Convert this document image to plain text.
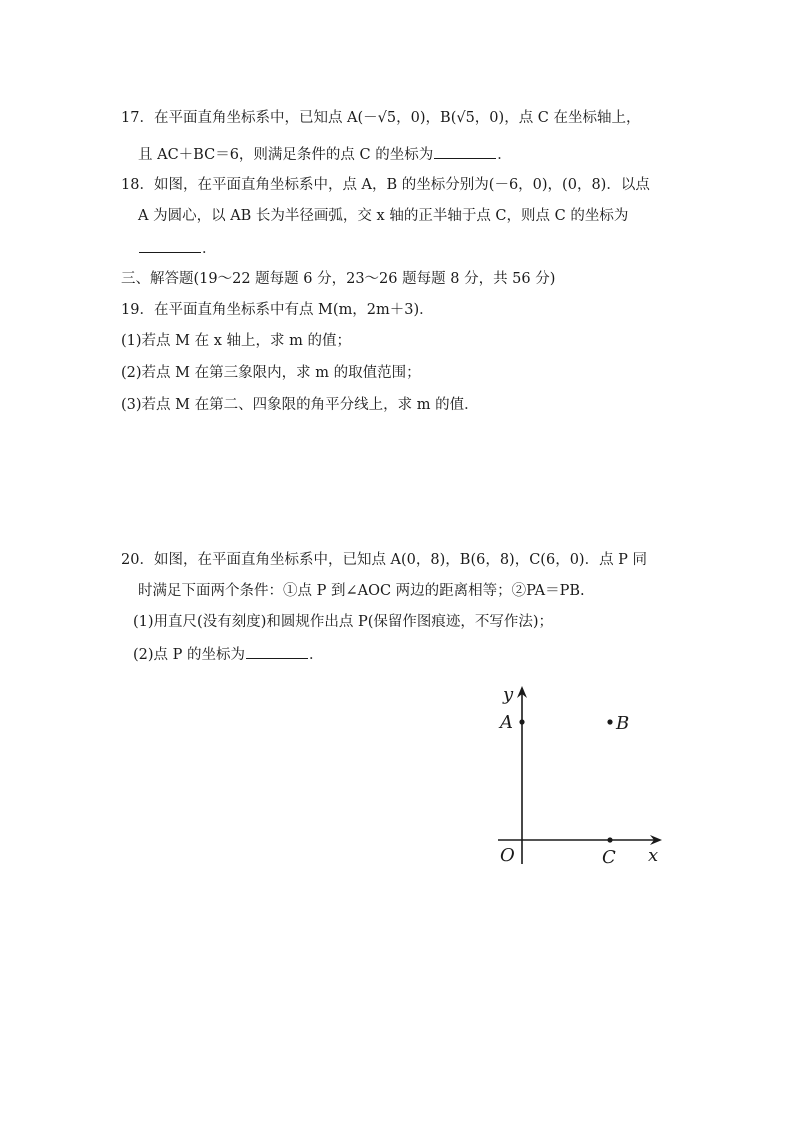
17．在平面直角坐标系中，已知点 A(－√5，0)，B(√5，0)，点 C 在坐标轴上，
且 AC＋BC＝6，则满足条件的点 C 的坐标为	．
18．如图，在平面直角坐标系中，点 A，B 的坐标分别为(－6，0)，(0，8)．以点
A 为圆心，以 AB 长为半径画弧，交 x 轴的正半轴于点 C，则点 C 的坐标为
．
三、解答题(19～22 题每题 6 分，23～26 题每题 8 分，共 56 分)
19．在平面直角坐标系中有点 M(m，2m＋3)．
(1)若点 M 在 x 轴上，求 m 的值；
(2)若点 M 在第三象限内，求 m 的取值范围；
(3)若点 M 在第二、四象限的角平分线上，求 m 的值．
20．如图，在平面直角坐标系中，已知点 A(0，8)，B(6，8)，C(6，0)．点 P 同
时满足下面两个条件：①点 P 到∠AOC 两边的距离相等；②PA＝PB.
(1)用直尺(没有刻度)和圆规作出点 P(保留作图痕迹，不写作法)；
(2)点 P 的坐标为	．
y
A	B
O	C x
